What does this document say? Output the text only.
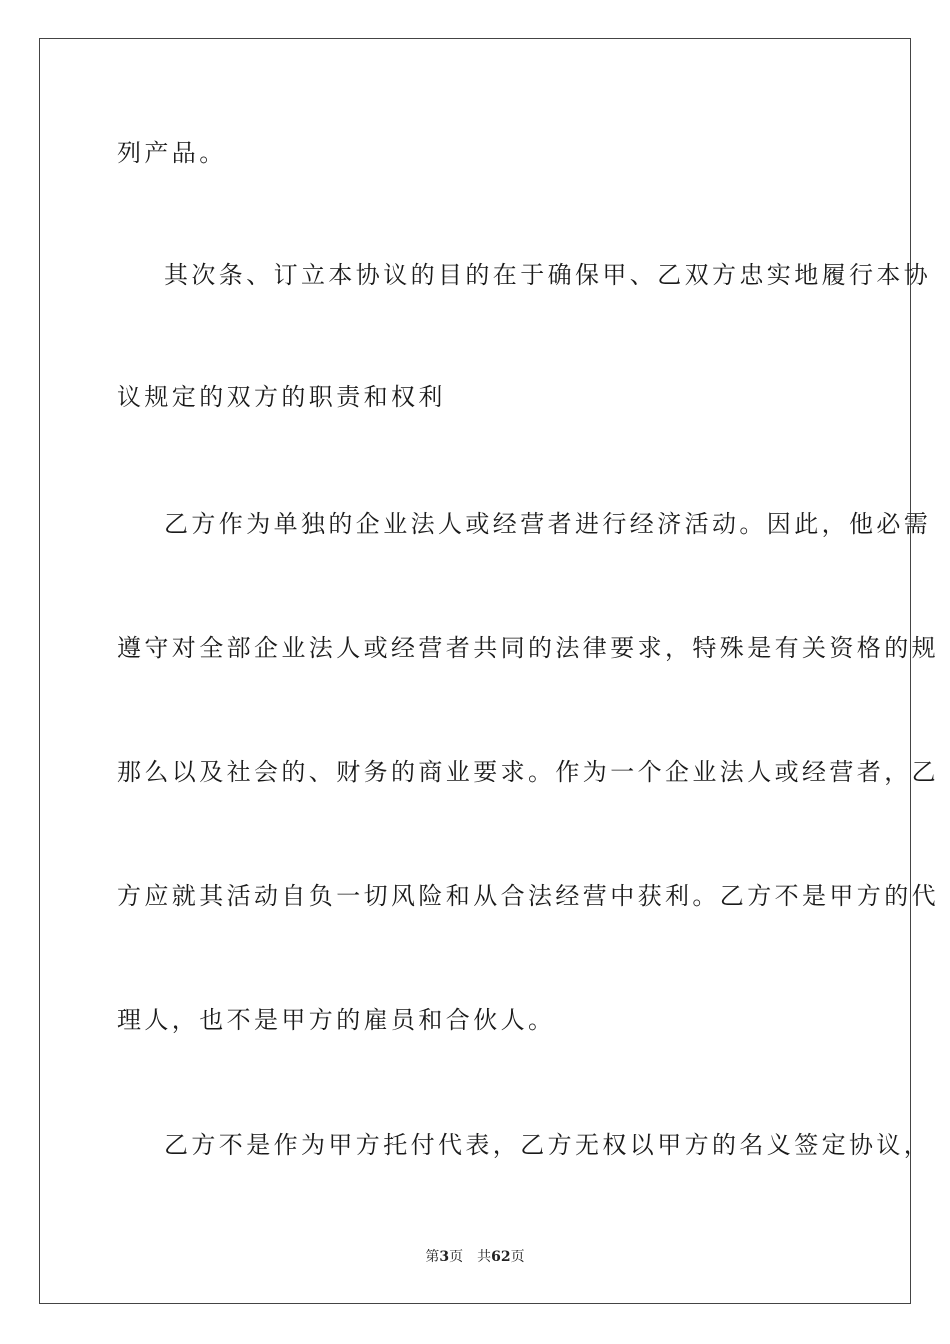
列产品。
其次条、订立本协议的目的在于确保甲、乙双方忠实地履行本协
议规定的双方的职责和权利
乙方作为单独的企业法人或经营者进行经济活动。因此，他必需
遵守对全部企业法人或经营者共同的法律要求，特殊是有关资格的规
那么以及社会的、财务的商业要求。作为一个企业法人或经营者，乙
方应就其活动自负一切风险和从合法经营中获利。乙方不是甲方的代
理人，也不是甲方的雇员和合伙人。
乙方不是作为甲方托付代表，乙方无权以甲方的名义签定协议，
第3页 共62页
